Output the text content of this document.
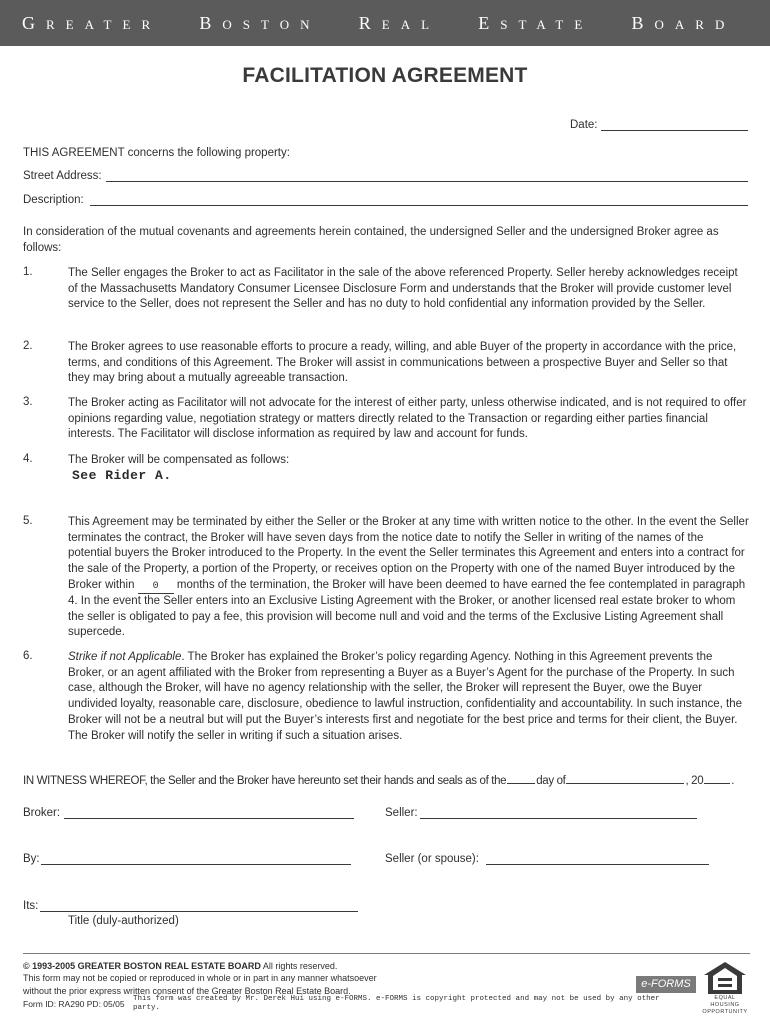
GREATER BOSTON REAL ESTATE BOARD
FACILITATION AGREEMENT
Date:
THIS AGREEMENT concerns the following property:
Street Address:
Description:
In consideration of the mutual covenants and agreements herein contained, the undersigned Seller and the undersigned Broker agree as follows:
1.	The Seller engages the Broker to act as Facilitator in the sale of the above referenced Property. Seller hereby acknowledges receipt of the Massachusetts Mandatory Consumer Licensee Disclosure Form and understands that the Broker will provide customer level service to the Seller, does not represent the Seller and has no duty to hold confidential any information provided by the Seller.
2.	The Broker agrees to use reasonable efforts to procure a ready, willing, and able Buyer of the property in accordance with the price, terms, and conditions of this Agreement. The Broker will assist in communications between a prospective Buyer and Seller so that they may bring about a mutually agreeable transaction.
3.	The Broker acting as Facilitator will not advocate for the interest of either party, unless otherwise indicated, and is not required to offer opinions regarding value, negotiation strategy or matters directly related to the Transaction or regarding either parties financial interests. The Facilitator will disclose information as required by law and account for funds.
4.	The Broker will be compensated as follows:
See Rider A.
5.	This Agreement may be terminated by either the Seller or the Broker at any time with written notice to the other. In the event the Seller terminates the contract, the Broker will have seven days from the notice date to notify the Seller in writing of the names of the potential buyers the Broker introduced to the Property. In the event the Seller terminates this Agreement and enters into a contract for the sale of the Property, a portion of the Property, or receives option on the Property with one of the named Buyer introduced by the Broker within 0 months of the termination, the Broker will have been deemed to have earned the fee contemplated in paragraph 4. In the event the Seller enters into an Exclusive Listing Agreement with the Broker, or another licensed real estate broker to whom the seller is obligated to pay a fee, this provision will become null and void and the terms of the Exclusive Listing Agreement shall supercede.
6.	Strike if not Applicable. The Broker has explained the Broker’s policy regarding Agency. Nothing in this Agreement prevents the Broker, or an agent affiliated with the Broker from representing a Buyer as a Buyer’s Agent for the purchase of the Property. In such case, although the Broker, will have no agency relationship with the seller, the Broker will represent the Buyer, owe the Buyer undivided loyalty, reasonable care, disclosure, obedience to lawful instruction, confidentiality and accountability. In such instance, the Broker will not be a neutral but will put the Buyer’s interests first and negotiate for the best price and terms for their client, the Buyer. The Broker will notify the seller in writing if such a situation arises.
IN WITNESS WHEREOF, the Seller and the Broker have hereunto set their hands and seals as of the	day of	, 20 .
Broker:	Seller:
By:	Seller (or spouse):
Its:
Title (duly-authorized)
© 1993-2005 GREATER BOSTON REAL ESTATE BOARD All rights reserved.
This form may not be copied or reproduced in whole or in part in any manner whatsoever
without the prior express written consent of the Greater Boston Real Estate Board.
Form ID: RA290 PD: 05/05 This form was created by Mr. Derek Hui using e-FORMS. e-FORMS is copyright protected and may not be used by any other party.
e-FORMS
EQUAL HOUSING OPPORTUNITY
